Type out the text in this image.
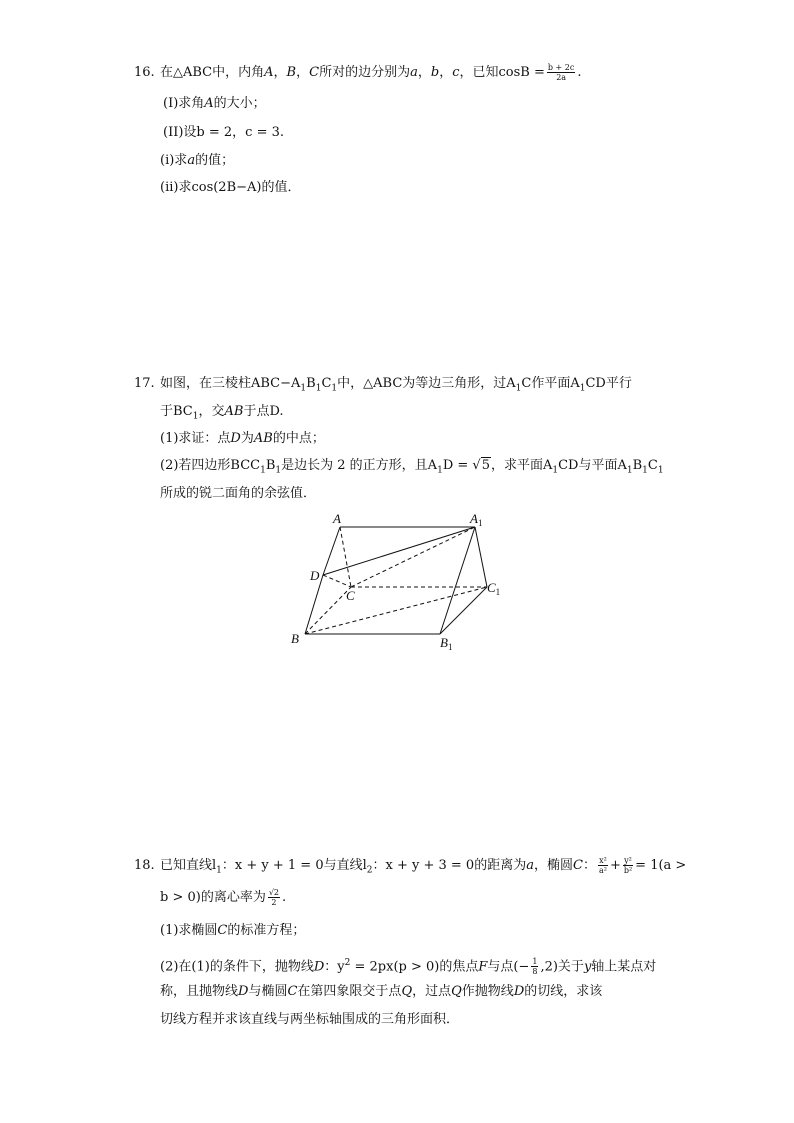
16. 在△ABC中，内角A，B，C所对的边分别为a，b，c，已知$\cos B = \frac{b + 2c}{2a}$ .
(I)求角A的大小；
(II)设b = 2，c = 3.
(i)求a的值；
(ii)求cos(2B−A)的值．
17. 如图，在三棱柱$ABC-A_1B_1C_1$中，△ABC为等边三角形，过$A_1C$作平面$A_1CD$平行
于$BC_1$，交AB于点D.
(1)求证：点D为AB的中点；
(2)若四边形$BCC_1B_1$是边长为 2 的正方形，且$A_1D = √5$，求平面$A_1CD$与平面$A_1B_1C_1$
所成的锐二面角的余弦值．
A	$A_1$
D
C
$C_1$
B	$B_1$
18. 已知直线$l_1$：x + y + 1 = 0与直线$l_2$：x + y + 3 = 0的距离为a，椭圆C： $\frac{\text{x²}}{\text{a²}} + \frac{\text{y²}}{\text{b²}} = 1(a$ >
b > 0)的离心率为 $\frac{√2}{2}$ .
(1)求椭圆C的标准方程；
(2)在(1)的条件下，抛物线D：$y^2 = 2px(p > 0)$的焦点F与点(− $\frac{1}{8} ,2$)关于y轴上某点对
称，且抛物线D与椭圆C在第四象限交于点Q，过点Q作抛物线D的切线，求该
切线方程并求该直线与两坐标轴围成的三角形面积．
